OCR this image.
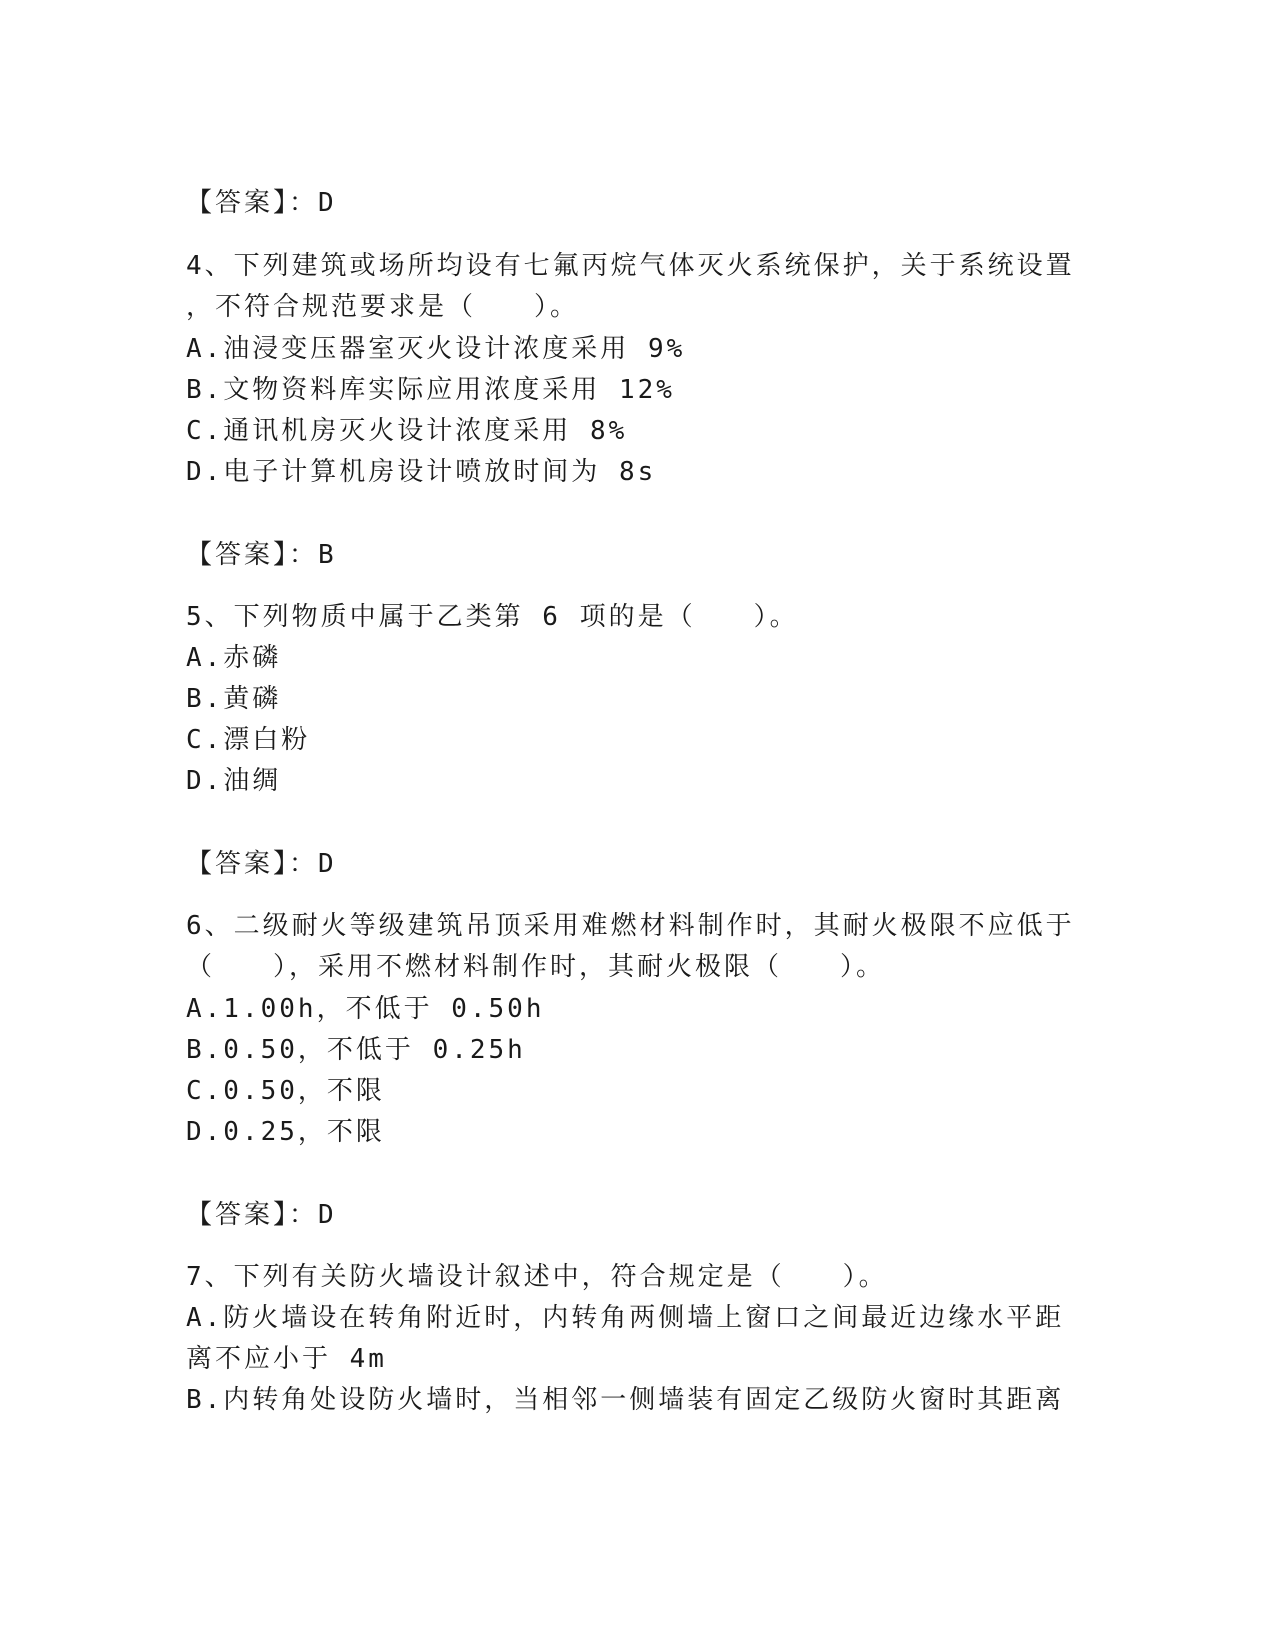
【答案】：D
4、下列建筑或场所均设有七氟丙烷气体灭火系统保护，关于系统设置
，不符合规范要求是（　　）。
A.油浸变压器室灭火设计浓度采用 9%
B.文物资料库实际应用浓度采用 12%
C.通讯机房灭火设计浓度采用 8%
D.电子计算机房设计喷放时间为 8s
【答案】：B
5、下列物质中属于乙类第 6 项的是（　　）。
A.赤磷
B.黄磷
C.漂白粉
D.油绸
【答案】：D
6、二级耐火等级建筑吊顶采用难燃材料制作时，其耐火极限不应低于
（　　），采用不燃材料制作时，其耐火极限（　　）。
A.1.00h，不低于 0.50h
B.0.50，不低于 0.25h
C.0.50，不限
D.0.25，不限
【答案】：D
7、下列有关防火墙设计叙述中，符合规定是（　　）。
A.防火墙设在转角附近时，内转角两侧墙上窗口之间最近边缘水平距
离不应小于 4m
B.内转角处设防火墙时，当相邻一侧墙装有固定乙级防火窗时其距离
